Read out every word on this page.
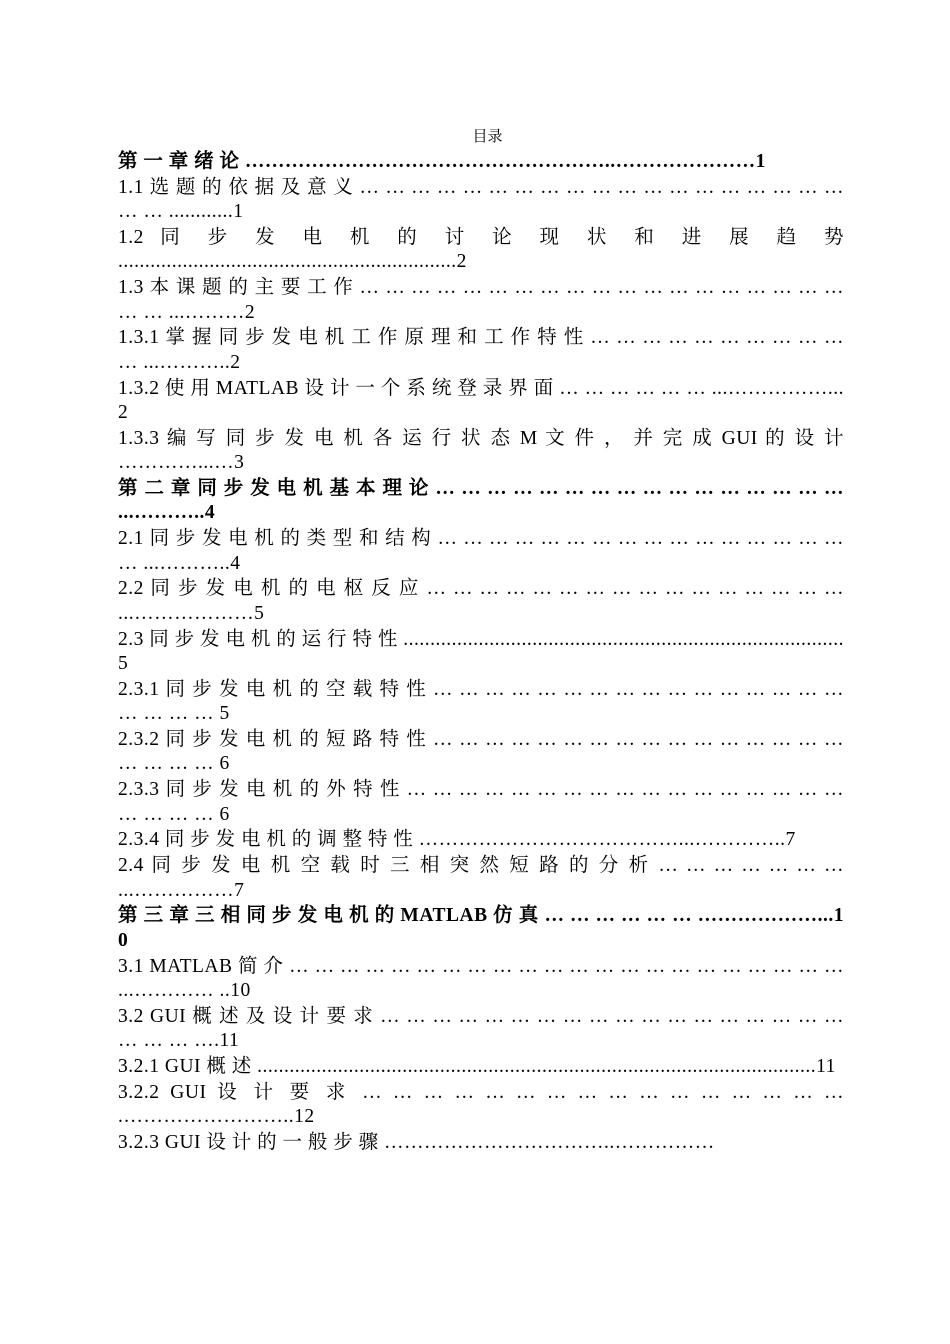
目录
第 一 章 绪 论 ………………………………………………..…………………1
1.1 选 题 的 依 据 及 意 义 … … … … … … … … … … … … … … … … … … … … … ............1
1.2 同 步 发 电 机 的 讨 论 现 状 和 进 展 趋 势 ...............................................................2
1.3 本 课 题 的 主 要 工 作 … … … … … … … … … … … … … … … … … … … … … ...………2
1.3.1 掌 握 同 步 发 电 机 工 作 原 理 和 工 作 特 性 … … … … … … … … … … … ...………..2
1.3.2 使 用 MATLAB 设 计 一 个 系 统 登 录 界 面 … … … … … … ...……………...2
1.3.3 编 写 同 步 发 电 机 各 运 行 状 态 M 文 件 ， 并 完 成 GUI 的 设 计 …………...…3
第 二 章 同 步 发 电 机 基 本 理 论 … … … … … … … … … … … … … … … … ...………..4
2.1 同 步 发 电 机 的 类 型 和 结 构 … … … … … … … … … … … … … … … … … ...………..4
2.2 同 步 发 电 机 的 电 枢 反 应 … … … … … … … … … … … … … … … … ...………………5
2.3 同 步 发 电 机 的 运 行 特 性 ..................................................................................5
2.3.1 同 步 发 电 机 的 空 载 特 性 … … … … … … … … … … … … … … … … … … … … 5
2.3.2 同 步 发 电 机 的 短 路 特 性 … … … … … … … … … … … … … … … … … … … … 6
2.3.3 同 步 发 电 机 的 外 特 性 … … … … … … … … … … … … … … … … … … … … … 6
2.3.4 同 步 发 电 机 的 调 整 特 性 …………………………………...…………..7
2.4 同 步 发 电 机 空 载 时 三 相 突 然 短 路 的 分 析 … … … … … … … ...……………7
第 三 章 三 相 同 步 发 电 机 的 MATLAB 仿 真 … … … … … … ………………...10
3.1 MATLAB 简 介 … … … … … … … … … … … … … … … … … … … … … … ...………… ..10
3.2 GUI 概 述 及 设 计 要 求 … … … … … … … … … … … … … … … … … … … … … ….11
3.2.1 GUI 概 述 ........................................................................................................11
3.2.2 GUI 设 计 要 求 … … … … … … … … … … … … … … … … .……………………..12
3.2.3 GUI 设 计 的 一 般 步 骤 ……………………………..……………
